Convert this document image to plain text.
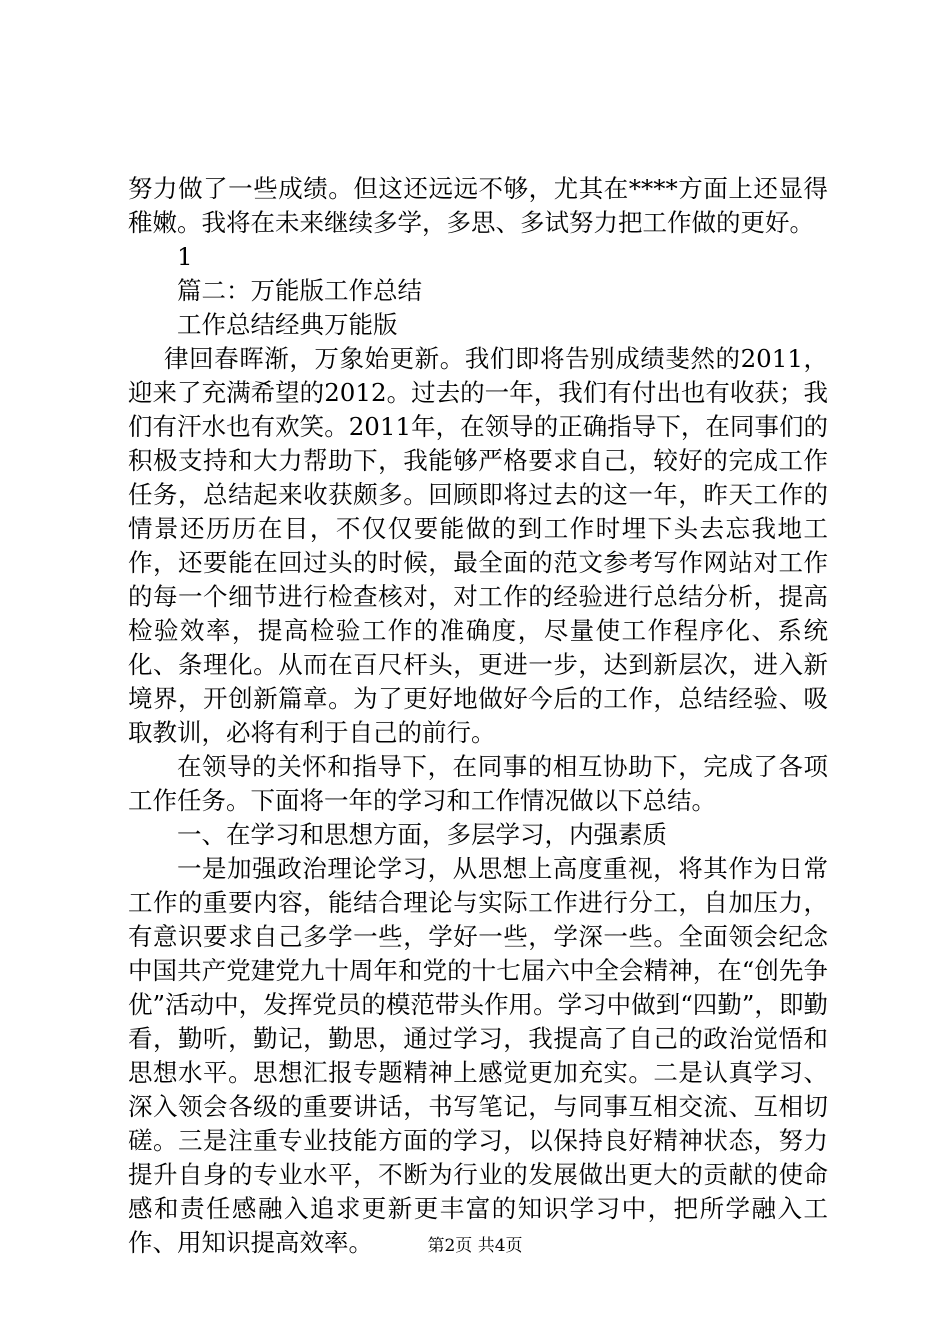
努力做了一些成绩。但这还远远不够，尤其在****方面上还显得稚嫩。我将在未来继续多学，多思、多试努力把工作做的更好。

1

篇二：万能版工作总结

工作总结经典万能版

律回春晖渐，万象始更新。我们即将告别成绩斐然的2011，迎来了充满希望的2012。过去的一年，我们有付出也有收获；我们有汗水也有欢笑。2011年，在领导的正确指导下，在同事们的积极支持和大力帮助下，我能够严格要求自己，较好的完成工作任务，总结起来收获颇多。回顾即将过去的这一年，昨天工作的情景还历历在目，不仅仅要能做的到工作时埋下头去忘我地工作，还要能在回过头的时候，最全面的范文参考写作网站对工作的每一个细节进行检查核对，对工作的经验进行总结分析，提高检验效率，提高检验工作的准确度，尽量使工作程序化、系统化、条理化。从而在百尺杆头，更进一步，达到新层次，进入新境界，开创新篇章。为了更好地做好今后的工作，总结经验、吸取教训，必将有利于自己的前行。

在领导的关怀和指导下，在同事的相互协助下，完成了各项工作任务。下面将一年的学习和工作情况做以下总结。

一、在学习和思想方面，多层学习，内强素质

一是加强政治理论学习，从思想上高度重视，将其作为日常工作的重要内容，能结合理论与实际工作进行分工，自加压力，有意识要求自己多学一些，学好一些，学深一些。全面领会纪念中国共产党建党九十周年和党的十七届六中全会精神，在“创先争优”活动中，发挥党员的模范带头作用。学习中做到“四勤”，即勤看，勤听，勤记，勤思，通过学习，我提高了自己的政治觉悟和思想水平。思想汇报专题精神上感觉更加充实。二是认真学习、深入领会各级的重要讲话，书写笔记，与同事互相交流、互相切磋。三是注重专业技能方面的学习，以保持良好精神状态，努力提升自身的专业水平，不断为行业的发展做出更大的贡献的使命感和责任感融入追求更新更丰富的知识学习中，把所学融入工作、用知识提高效率。	第2页 共4页
